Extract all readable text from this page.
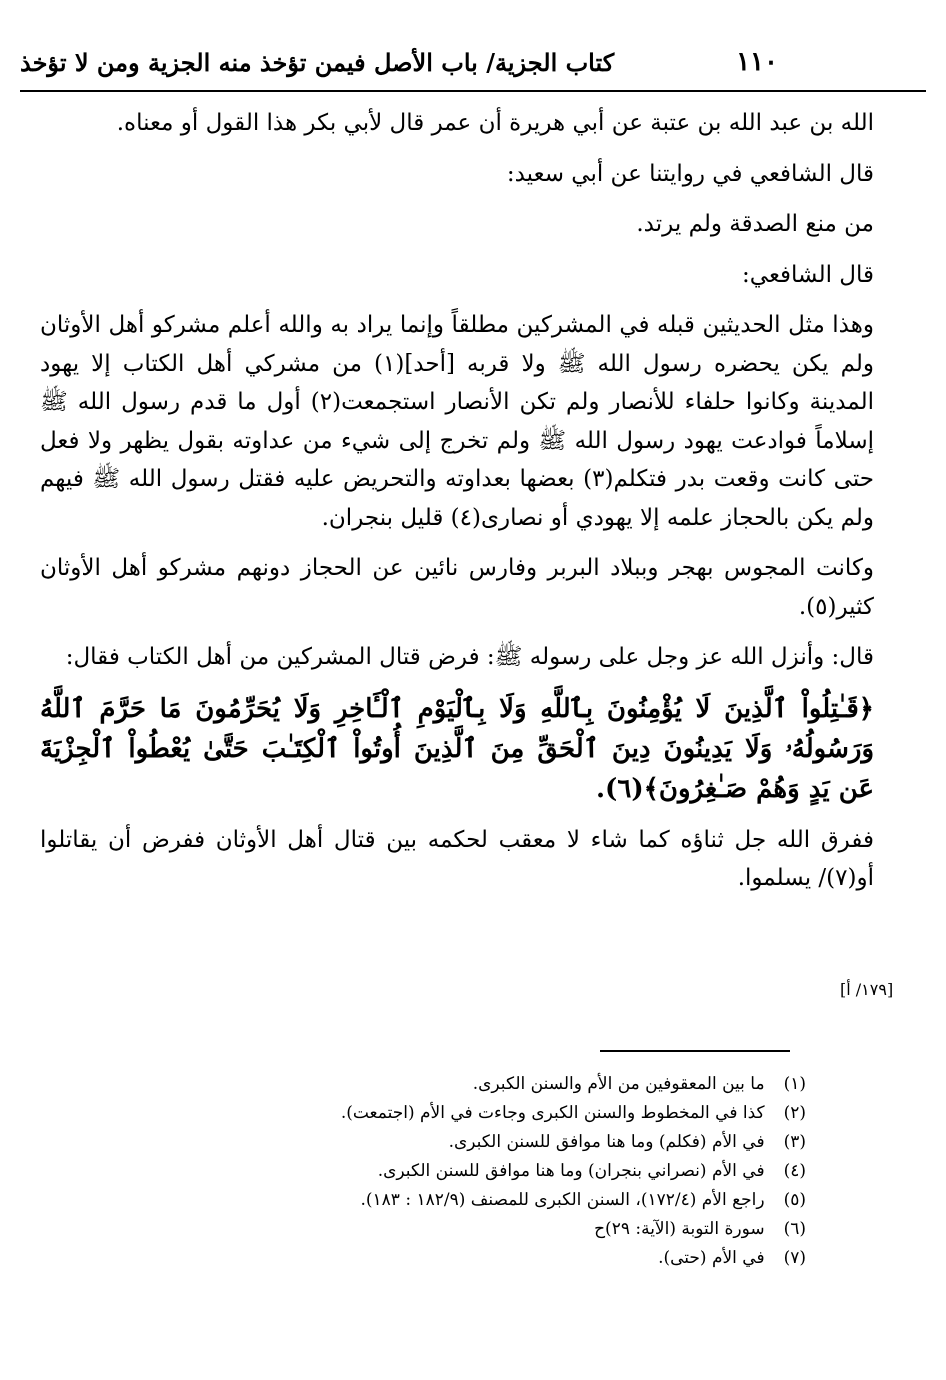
كتاب الجزية/ باب الأصل فيمن تؤخذ منه الجزية ومن لا تؤخذ	١١٠

الله بن عبد الله بن عتبة عن أبي هريرة أن عمر قال لأبي بكر هذا القول أو معناه.

قال الشافعي في روايتنا عن أبي سعيد:

من منع الصدقة ولم يرتد.

قال الشافعي:

وهذا مثل الحديثين قبله في المشركين مطلقاً وإنما يراد به والله أعلم مشركو أهل الأوثان ولم يكن يحضره رسول الله ﷺ ولا قربه [أحد](١) من مشركي أهل الكتاب إلا يهود المدينة وكانوا حلفاء للأنصار ولم تكن الأنصار استجمعت(٢) أول ما قدم رسول الله ﷺ إسلاماً فوادعت يهود رسول الله ﷺ ولم تخرج إلى شيء من عداوته بقول يظهر ولا فعل حتى كانت وقعت بدر فتكلم(٣) بعضها بعداوته والتحريض عليه فقتل رسول الله ﷺ فيهم ولم يكن بالحجاز علمه إلا يهودي أو نصارى(٤) قليل بنجران.

وكانت المجوس بهجر وببلاد البربر وفارس نائين عن الحجاز دونهم مشركو أهل الأوثان كثير(٥).

قال: وأنزل الله عز وجل على رسوله ﷺ: فرض قتال المشركين من أهل الكتاب فقال:

﴿قَـٰتِلُواْ ٱلَّذِينَ لَا يُؤْمِنُونَ بِٱللَّهِ وَلَا بِٱلْيَوْمِ ٱلْـَٔاخِرِ وَلَا يُحَرِّمُونَ مَا حَرَّمَ ٱللَّهُ وَرَسُولُهُۥ وَلَا يَدِينُونَ دِينَ ٱلْحَقِّ مِنَ ٱلَّذِينَ أُوتُواْ ٱلْكِتَـٰبَ حَتَّىٰ يُعْطُواْ ٱلْجِزْيَةَ عَن يَدٍ وَهُمْ صَـٰغِرُونَ﴾(٦).

ففرق الله جل ثناؤه كما شاء لا معقب لحكمه بين قتال أهل الأوثان ففرض أن يقاتلوا أو(٧)/ يسلموا.

[١٧٩/ أ]
(١) ما بين المعقوفين من الأم والسنن الكبرى.
(٢) كذا في المخطوط والسنن الكبرى وجاءت في الأم (اجتمعت).
(٣) في الأم (فكلم) وما هنا موافق للسنن الكبرى.
(٤) في الأم (نصراني بنجران) وما هنا موافق للسنن الكبرى.
(٥) راجع الأم (١٧٢/٤)، السنن الكبرى للمصنف (١٨٢/٩ : ١٨٣).
(٦) سورة التوبة (الآية: ٢٩)ح
(٧) في الأم (حتى).
